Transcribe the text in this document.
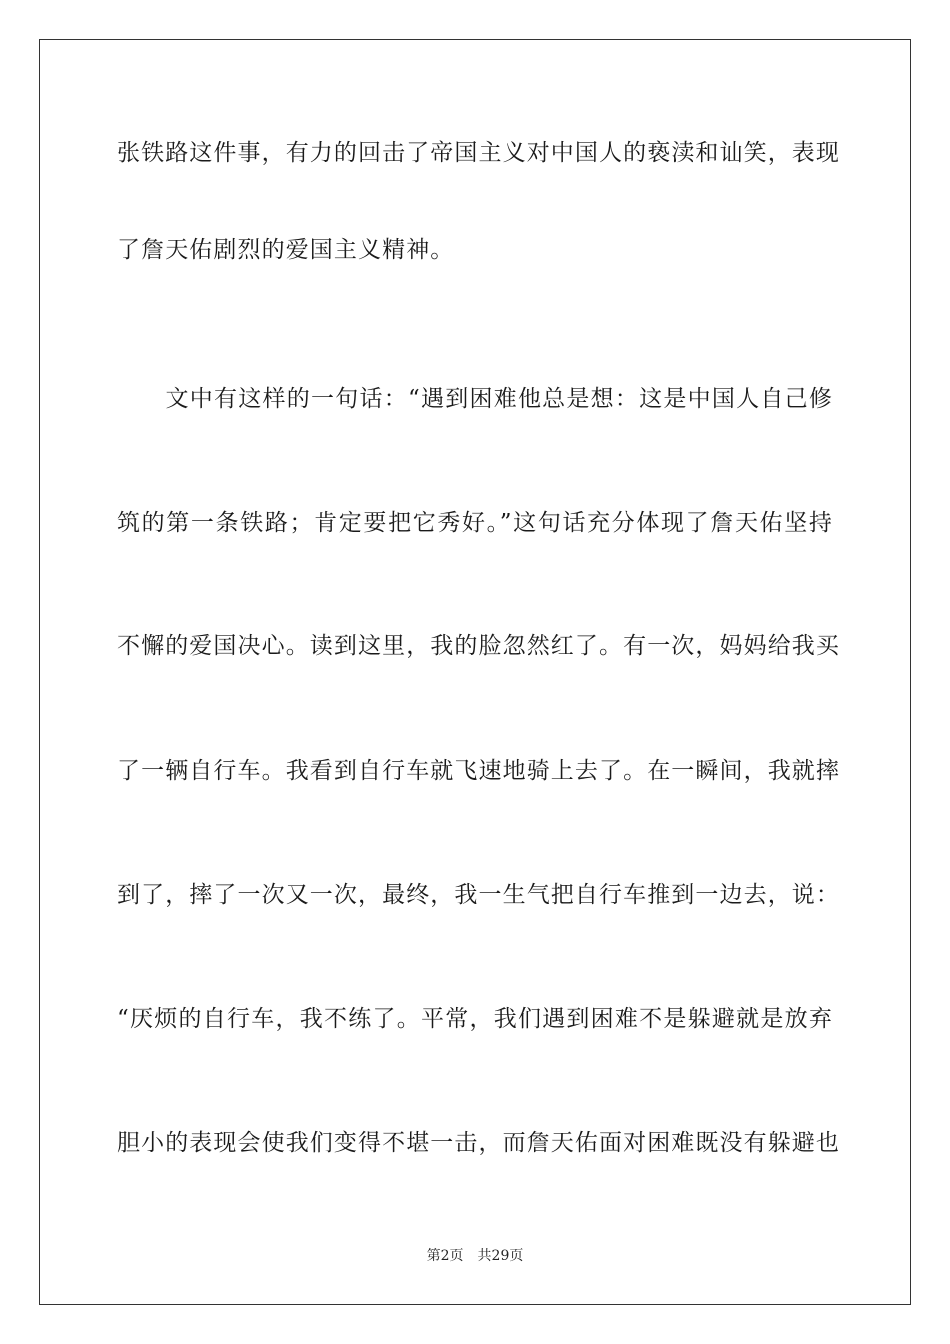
张铁路这件事，有力的回击了帝国主义对中国人的亵渎和讪笑，表现
了詹天佑剧烈的爱国主义精神。
　　文中有这样的一句话：“遇到困难他总是想：这是中国人自己修
筑的第一条铁路；肯定要把它秀好。”这句话充分体现了詹天佑坚持
不懈的爱国决心。读到这里，我的脸忽然红了。有一次，妈妈给我买
了一辆自行车。我看到自行车就飞速地骑上去了。在一瞬间，我就摔
到了，摔了一次又一次，最终，我一生气把自行车推到一边去，说：
“厌烦的自行车，我不练了。平常，我们遇到困难不是躲避就是放弃
胆小的表现会使我们变得不堪一击，而詹天佑面对困难既没有躲避也
第2页 共29页
